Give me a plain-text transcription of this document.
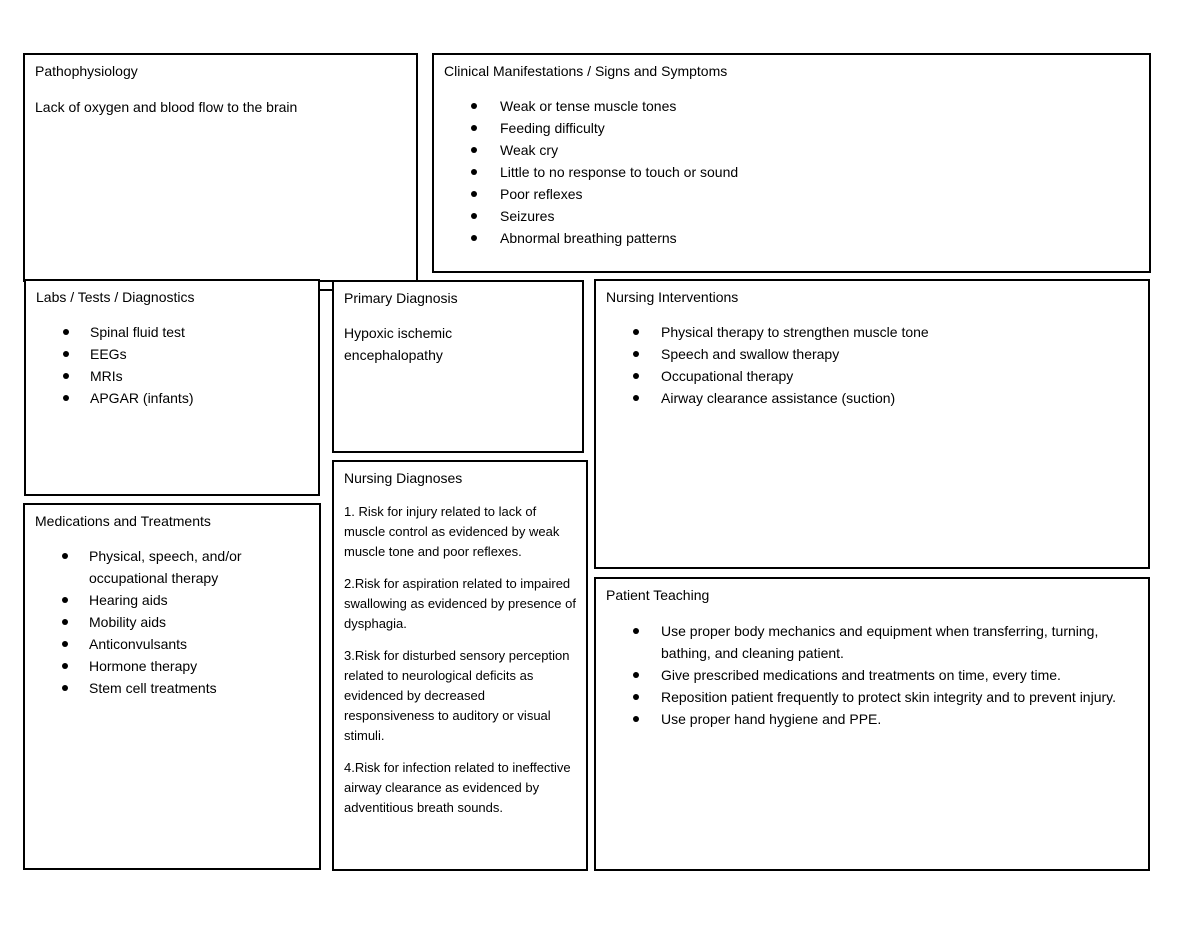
Pathophysiology
Lack of oxygen and blood flow to the brain
Clinical Manifestations / Signs and Symptoms
Weak or tense muscle tones
Feeding difficulty
Weak cry
Little to no response to touch or sound
Poor reflexes
Seizures
Abnormal breathing patterns
Labs / Tests / Diagnostics
Spinal fluid test
EEGs
MRIs
APGAR (infants)
Primary Diagnosis
Hypoxic ischemic
encephalopathy
Nursing Interventions
Physical therapy to strengthen muscle tone
Speech and swallow therapy
Occupational therapy
Airway clearance assistance (suction)
Medications and Treatments
Physical, speech, and/or
occupational therapy
Hearing aids
Mobility aids
Anticonvulsants
Hormone therapy
Stem cell treatments
Nursing Diagnoses
1. Risk for injury related to lack of muscle control as evidenced by weak muscle tone and poor reflexes.
2.Risk for aspiration related to impaired swallowing as evidenced by presence of dysphagia.
3.Risk for disturbed sensory perception related to neurological deficits as evidenced by decreased responsiveness to auditory or visual stimuli.
4.Risk for infection related to ineffective airway clearance as evidenced by adventitious breath sounds.
Patient Teaching
Use proper body mechanics and equipment when transferring, turning, bathing, and cleaning patient.
Give prescribed medications and treatments on time, every time.
Reposition patient frequently to protect skin integrity and to prevent injury.
Use proper hand hygiene and PPE.
